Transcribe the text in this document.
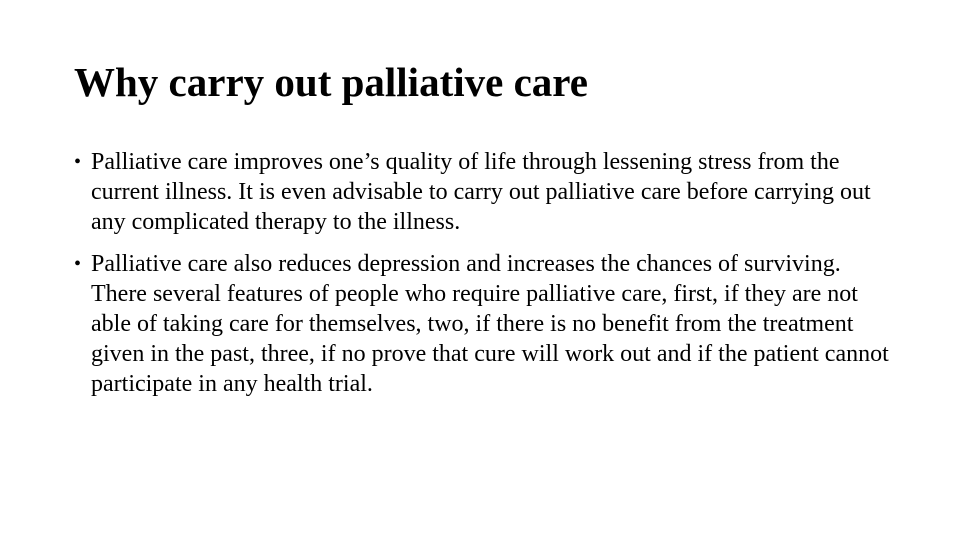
Why carry out palliative care
• Palliative care improves one’s quality of life through lessening stress from the current illness. It is even advisable to carry out palliative care before carrying out any complicated therapy to the illness.
• Palliative care also reduces depression and increases the chances of surviving. There several features of people who require palliative care, first, if they are not able of taking care for themselves, two, if there is no benefit from the treatment given in the past, three, if no prove that cure will work out and if the patient cannot participate in any health trial.
